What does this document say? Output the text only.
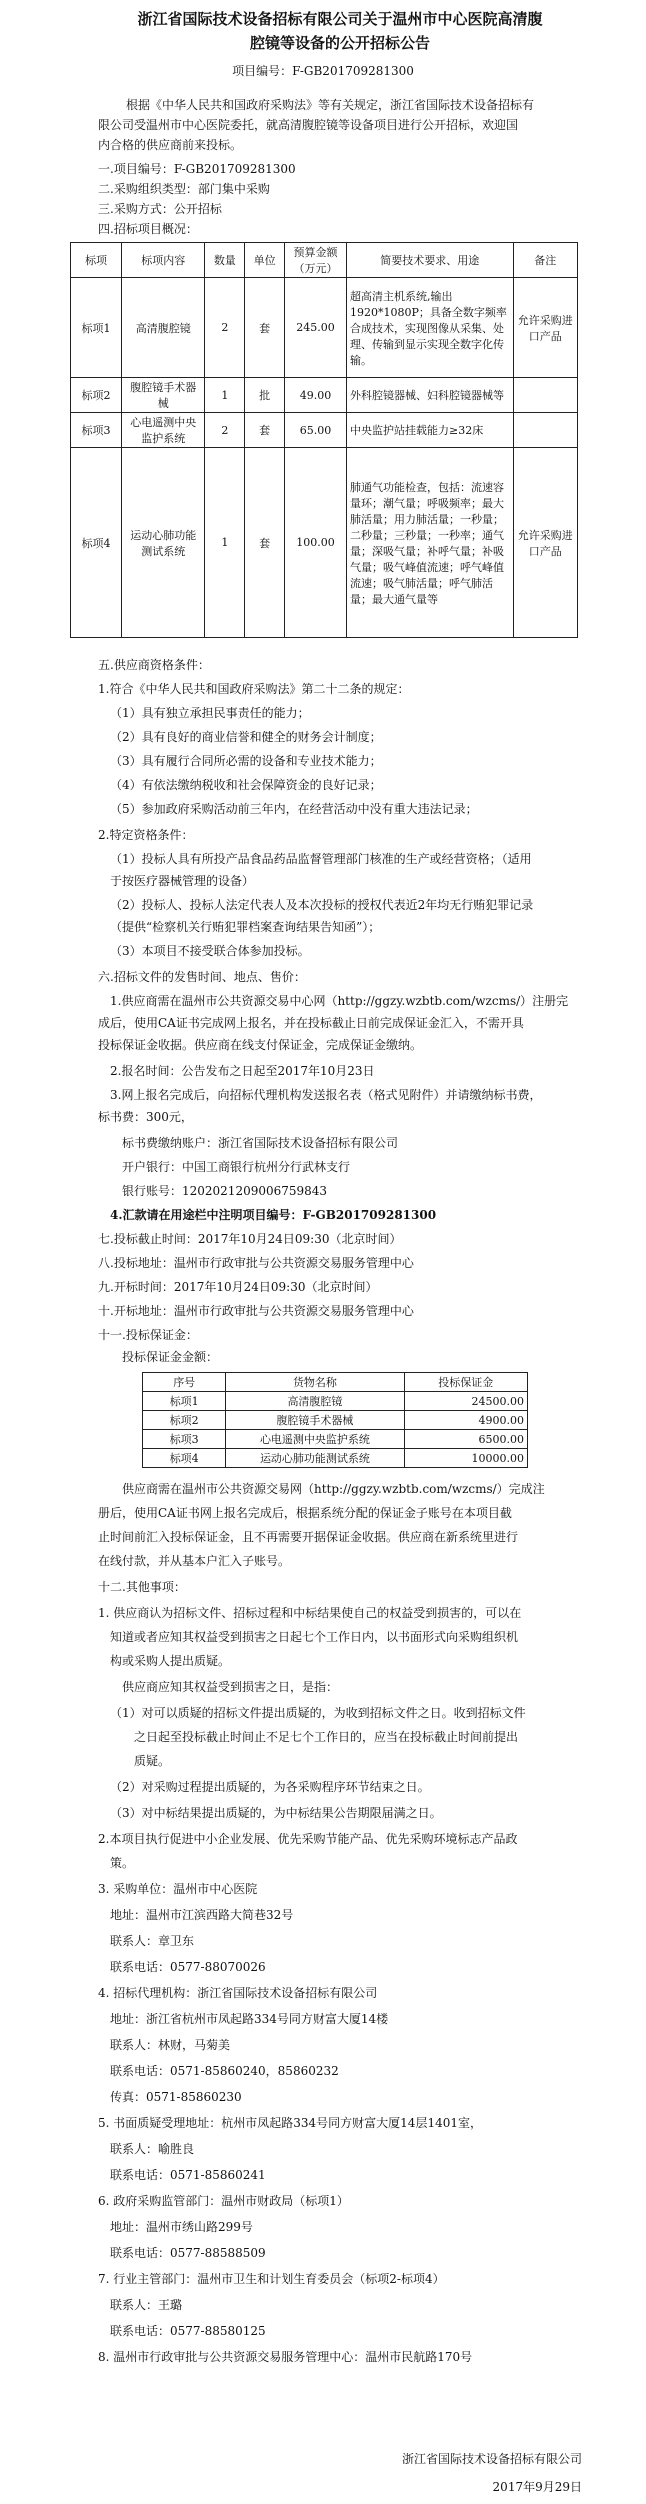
浙江省国际技术设备招标有限公司关于温州市中心医院高清腹
腔镜等设备的公开招标公告
项目编号：F-GB201709281300
根据《中华人民共和国政府采购法》等有关规定，浙江省国际技术设备招标有
限公司受温州市中心医院委托，就高清腹腔镜等设备项目进行公开招标，欢迎国
内合格的供应商前来投标。
一.项目编号：F-GB201709281300
二.采购组织类型：部门集中采购
三.采购方式：公开招标
四.招标项目概况：
标项	标项内容	数量	单位	预算金额（万元）	简要技术要求、用途	备注
标项1	高清腹腔镜	2	套	245.00	超高清主机系统,输出1920*1080P；具备全数字频率合成技术，实现图像从采集、处理、传输到显示实现全数字化传输。	允许采购进口产品
标项2	腹腔镜手术器械	1	批	49.00	外科腔镜器械、妇科腔镜器械等	
标项3	心电遥测中央监护系统	2	套	65.00	中央监护站挂载能力≥32床	
标项4	运动心肺功能测试系统	1	套	100.00	肺通气功能检查，包括：流速容量环；潮气量；呼吸频率；最大肺活量；用力肺活量；一秒量；二秒量；三秒量；一秒率；通气量；深吸气量；补呼气量；补吸气量；吸气峰值流速；呼气峰值流速；吸气肺活量；呼气肺活量；最大通气量等	允许采购进口产品
五.供应商资格条件：
1.符合《中华人民共和国政府采购法》第二十二条的规定：
（1）具有独立承担民事责任的能力；
（2）具有良好的商业信誉和健全的财务会计制度；
（3）具有履行合同所必需的设备和专业技术能力；
（4）有依法缴纳税收和社会保障资金的良好记录；
（5）参加政府采购活动前三年内，在经营活动中没有重大违法记录；
2.特定资格条件：
（1）投标人具有所投产品食品药品监督管理部门核准的生产或经营资格；（适用
于按医疗器械管理的设备）
（2）投标人、投标人法定代表人及本次投标的授权代表近2年均无行贿犯罪记录
（提供“检察机关行贿犯罪档案查询结果告知函”）；
（3）本项目不接受联合体参加投标。
六.招标文件的发售时间、地点、售价：
1.供应商需在温州市公共资源交易中心网（http://ggzy.wzbtb.com/wzcms/）注册完
成后，使用CA证书完成网上报名，并在投标截止日前完成保证金汇入，不需开具
投标保证金收据。供应商在线支付保证金，完成保证金缴纳。
2.报名时间：公告发布之日起至2017年10月23日
3.网上报名完成后，向招标代理机构发送报名表（格式见附件）并请缴纳标书费，
标书费：300元，
标书费缴纳账户：浙江省国际技术设备招标有限公司
开户银行：中国工商银行杭州分行武林支行
银行账号：1202021209006759843
4.汇款请在用途栏中注明项目编号：F-GB201709281300
七.投标截止时间：2017年10月24日09:30（北京时间）
八.投标地址：温州市行政审批与公共资源交易服务管理中心
九.开标时间：2017年10月24日09:30（北京时间）
十.开标地址：温州市行政审批与公共资源交易服务管理中心
十一.投标保证金：
投标保证金金额：
序号	货物名称	投标保证金
标项1	高清腹腔镜	24500.00
标项2	腹腔镜手术器械	4900.00
标项3	心电遥测中央监护系统	6500.00
标项4	运动心肺功能测试系统	10000.00
供应商需在温州市公共资源交易网（http://ggzy.wzbtb.com/wzcms/）完成注
册后，使用CA证书网上报名完成后，根据系统分配的保证金子账号在本项目截
止时间前汇入投标保证金，且不再需要开据保证金收据。供应商在新系统里进行
在线付款，并从基本户汇入子账号。
十二.其他事项：
1. 供应商认为招标文件、招标过程和中标结果使自己的权益受到损害的，可以在
知道或者应知其权益受到损害之日起七个工作日内，以书面形式向采购组织机
构或采购人提出质疑。
供应商应知其权益受到损害之日，是指：
（1）对可以质疑的招标文件提出质疑的，为收到招标文件之日。收到招标文件
之日起至投标截止时间止不足七个工作日的，应当在投标截止时间前提出
质疑。
（2）对采购过程提出质疑的，为各采购程序环节结束之日。
（3）对中标结果提出质疑的，为中标结果公告期限届满之日。
2.本项目执行促进中小企业发展、优先采购节能产品、优先采购环境标志产品政
策。
3. 采购单位：温州市中心医院
地址：温州市江滨西路大简巷32号
联系人：章卫东
联系电话：0577-88070026
4. 招标代理机构：浙江省国际技术设备招标有限公司
地址：浙江省杭州市凤起路334号同方财富大厦14楼
联系人：林财，马菊美
联系电话：0571-85860240，85860232
传真：0571-85860230
5. 书面质疑受理地址：杭州市凤起路334号同方财富大厦14层1401室，
联系人：喻胜良
联系电话：0571-85860241
6. 政府采购监管部门：温州市财政局（标项1）
地址：温州市绣山路299号
联系电话：0577-88588509
7. 行业主管部门：温州市卫生和计划生育委员会（标项2-标项4）
联系人：王璐
联系电话：0577-88580125
8. 温州市行政审批与公共资源交易服务管理中心：温州市民航路170号
浙江省国际技术设备招标有限公司
2017年9月29日
